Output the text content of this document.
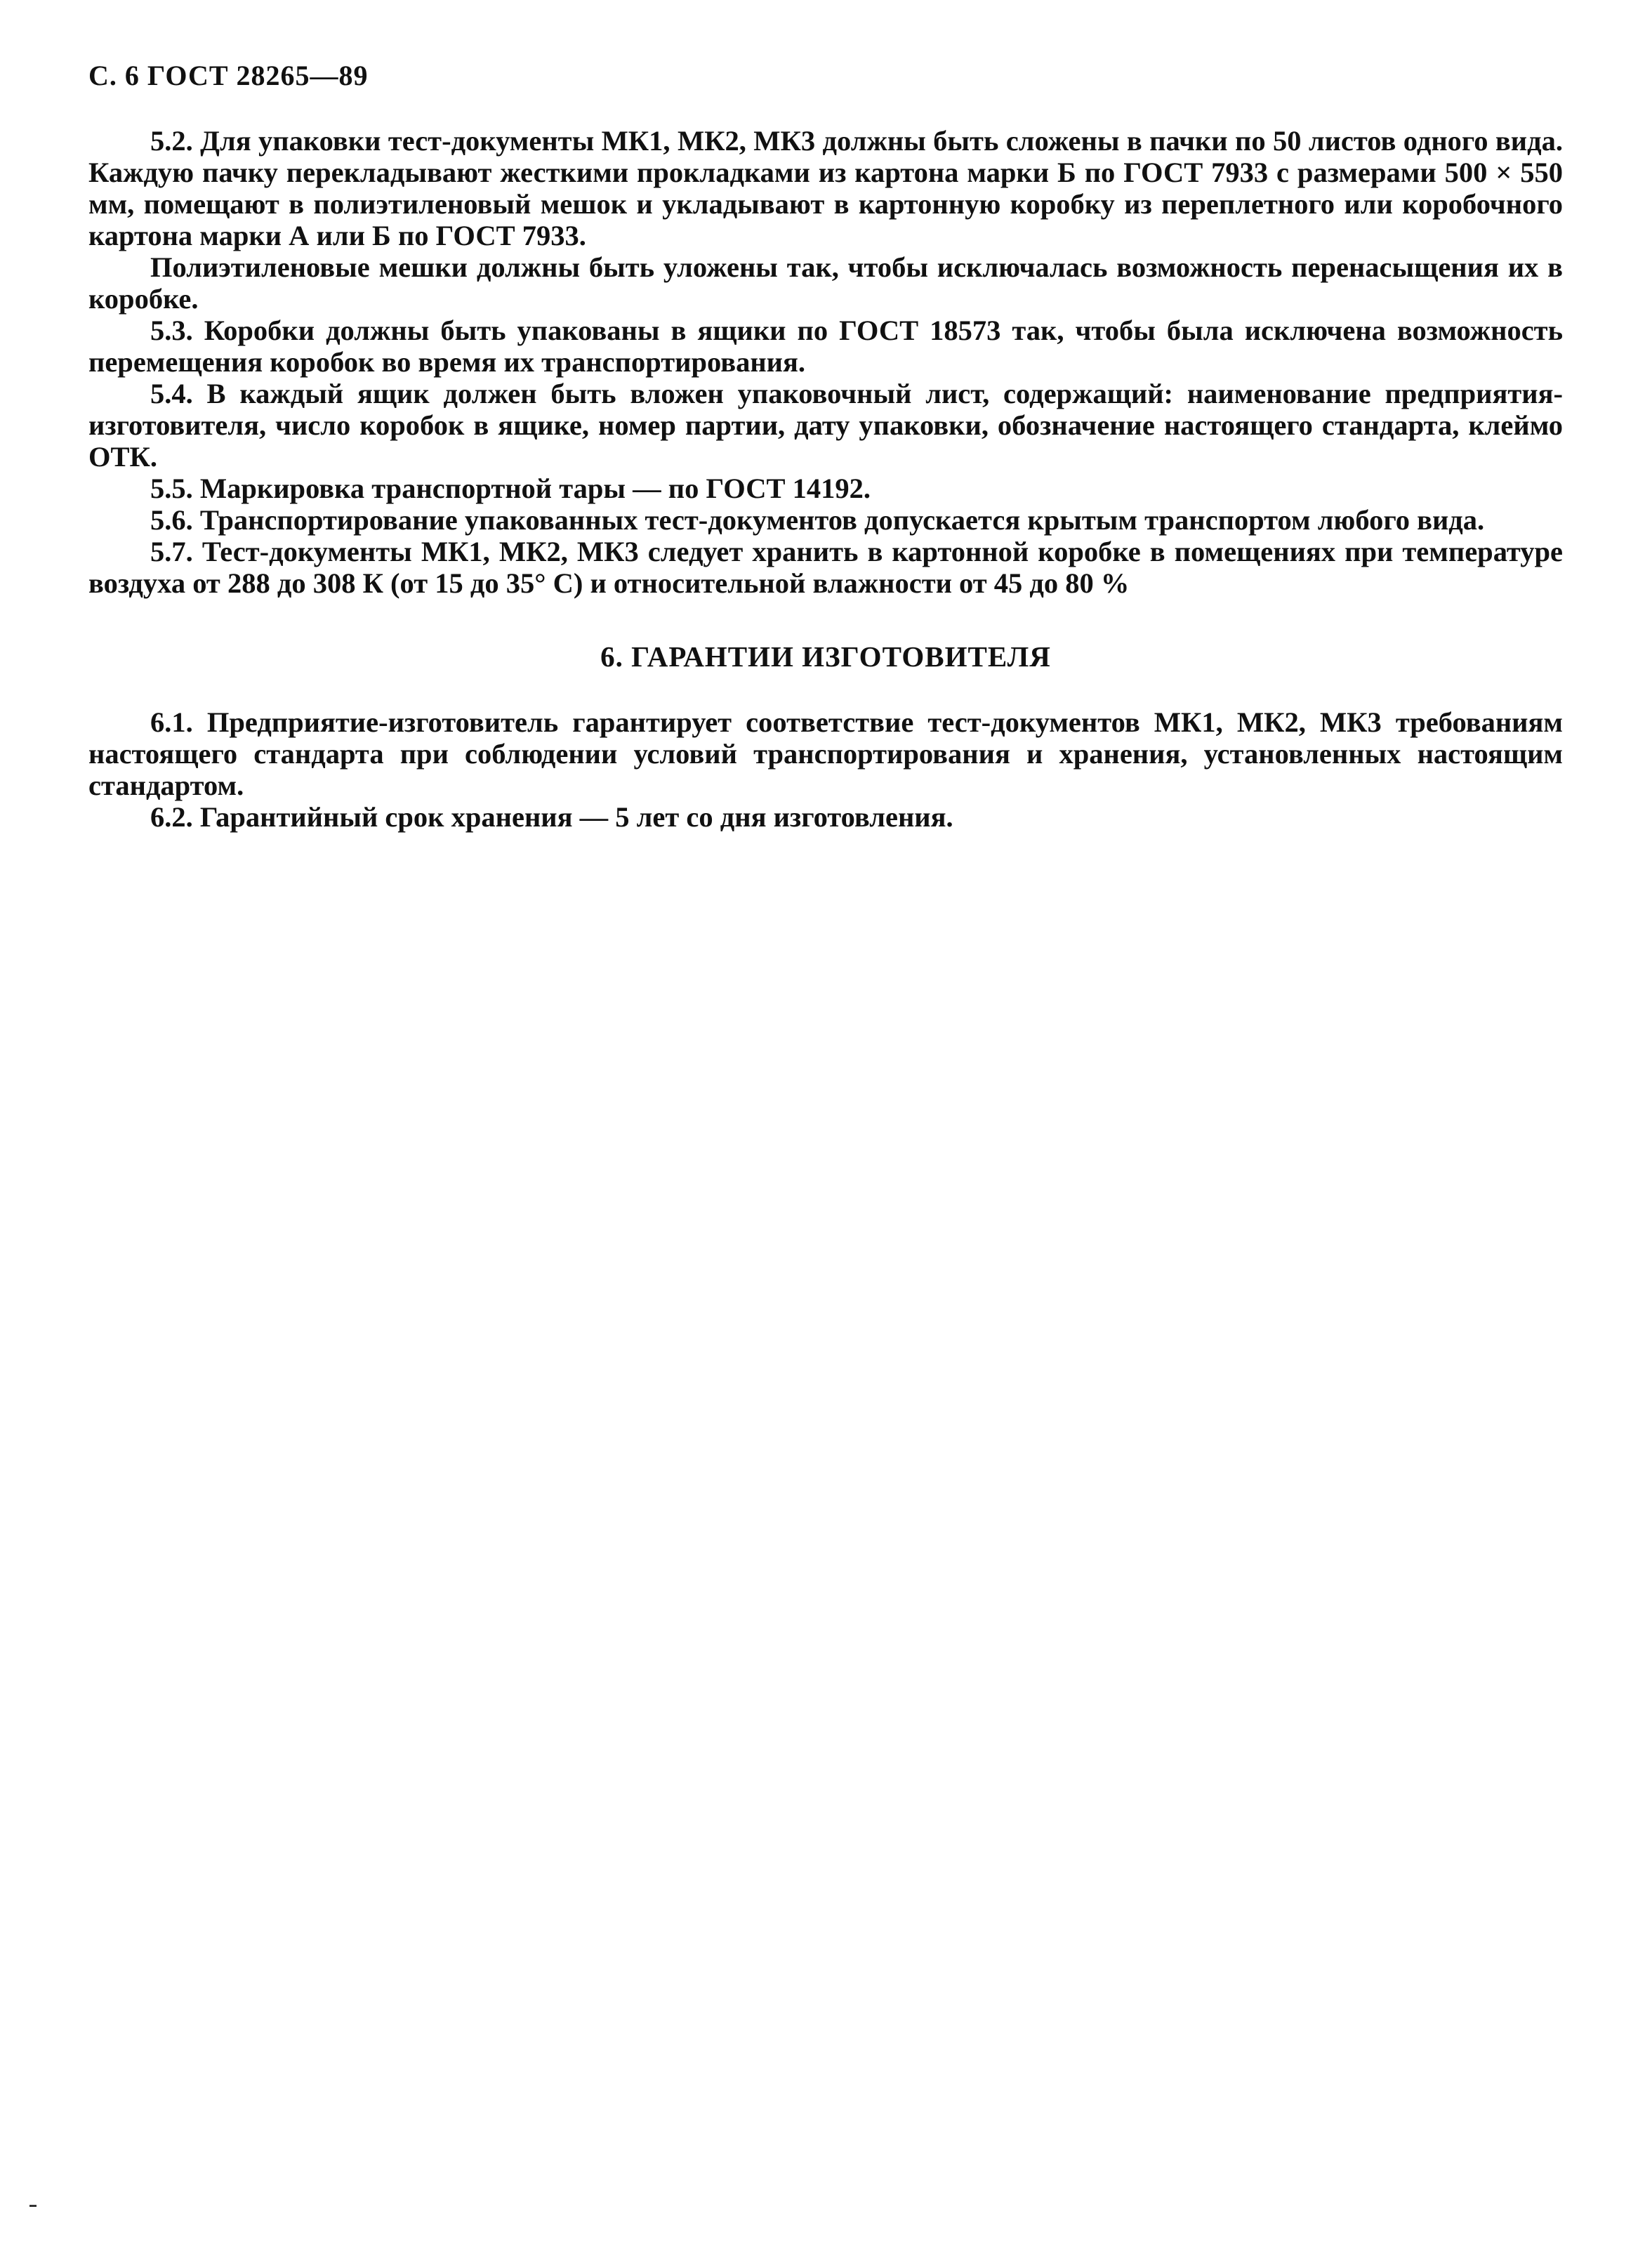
С. 6 ГОСТ 28265—89

5.2. Для упаковки тест-документы МК1, МК2, МК3 должны быть сложены в пачки по 50 листов одного вида. Каждую пачку перекладывают жесткими прокладками из картона марки Б по ГОСТ 7933 с размерами 500 × 550 мм, помещают в полиэтиленовый мешок и укладывают в картонную коробку из переплетного или коробочного картона марки А или Б по ГОСТ 7933.

Полиэтиленовые мешки должны быть уложены так, чтобы исключалась возможность перенасыщения их в коробке.

5.3. Коробки должны быть упакованы в ящики по ГОСТ 18573 так, чтобы была исключена возможность перемещения коробок во время их транспортирования.

5.4. В каждый ящик должен быть вложен упаковочный лист, содержащий: наименование предприятия-изготовителя, число коробок в ящике, номер партии, дату упаковки, обозначение настоящего стандарта, клеймо ОТК.

5.5. Маркировка транспортной тары — по ГОСТ 14192.

5.6. Транспортирование упакованных тест-документов допускается крытым транспортом любого вида.

5.7. Тест-документы МК1, МК2, МК3 следует хранить в картонной коробке в помещениях при температуре воздуха от 288 до 308 К (от 15 до 35° С) и относительной влажности от 45 до 80 %

6. ГАРАНТИИ ИЗГОТОВИТЕЛЯ

6.1. Предприятие-изготовитель гарантирует соответствие тест-документов МК1, МК2, МК3 требованиям настоящего стандарта при соблюдении условий транспортирования и хранения, установленных настоящим стандартом.

6.2. Гарантийный срок хранения — 5 лет со дня изготовления.
